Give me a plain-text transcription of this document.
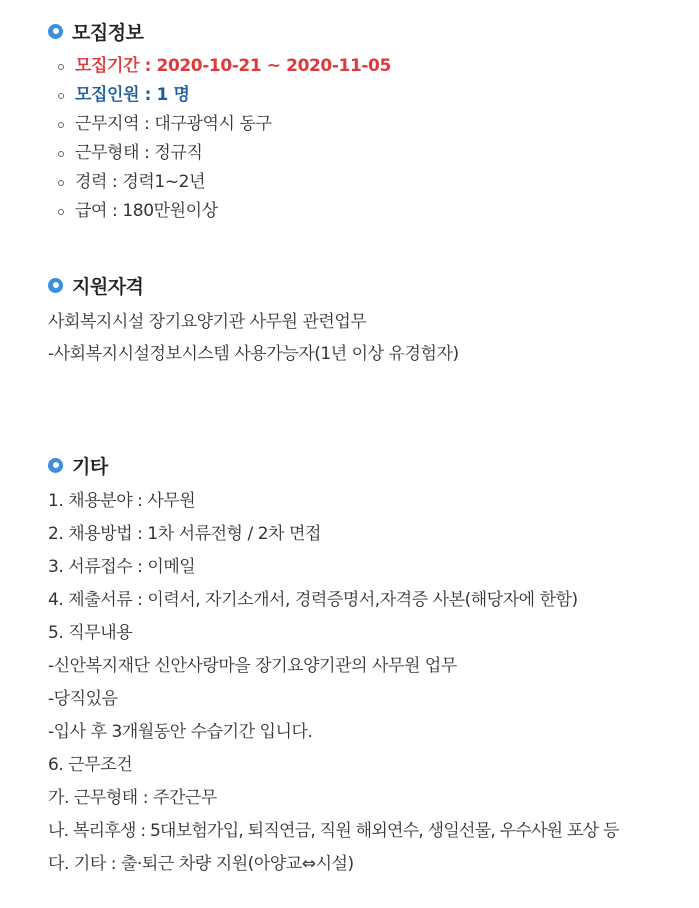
모집정보
모집기간 : 2020-10-21 ~ 2020-11-05
모집인원 : 1 명
근무지역 : 대구광역시 동구
근무형태 : 정규직
경력 : 경력1~2년
급여 : 180만원이상
지원자격

사회복지시설 장기요양기관 사무원 관련업무

-사회복지시설정보시스템 사용가능자(1년 이상 유경험자)

기타

1. 채용분야 : 사무원

2. 채용방법 : 1차 서류전형 / 2차 면접

3. 서류접수 : 이메일

4. 제출서류 : 이력서, 자기소개서, 경력증명서,자격증 사본(해당자에 한함)

5. 직무내용

-신안복지재단 신안사랑마을 장기요양기관의 사무원 업무

-당직있음

-입사 후 3개월동안 수습기간 입니다.

6. 근무조건

가. 근무형태 : 주간근무

나. 복리후생 : 5대보험가입, 퇴직연금, 직원 해외연수, 생일선물, 우수사원 포상 등

다. 기타 : 출·퇴근 차량 지원(아양교⇔시설)
